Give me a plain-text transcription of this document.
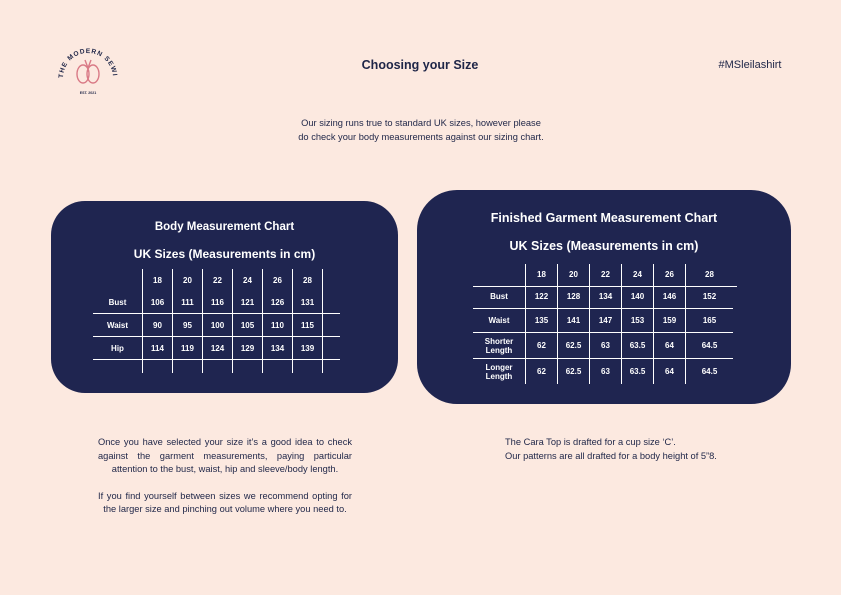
THE MODERN SEWI
EST. 2021
Choosing your Size	#MSleilashirt
Our sizing runs true to standard UK sizes, however please
do check your body measurements against our sizing chart.
Body Measurement Chart
UK Sizes (Measurements in cm)
	18	20	22	24	26	28	
Bust	106	111	116	121	126	131	
Waist	90	95	100	105	110	115	
Hip	114	119	124	129	134	139	

Finished Garment Measurement Chart
UK Sizes (Measurements in cm)
	18	20	22	24	26	28
Bust	122	128	134	140	146	152
Waist	135	141	147	153	159	165

Shorter
Length	62	62.5	63	63.5	64	64.5

Longer
Length	62	62.5	63	63.5	64	64.5

Once you have selected your size it’s a good idea to check against the garment measurements, paying particular attention to the bust, waist, hip and sleeve/body length.

If you find yourself between sizes we recommend opting for the larger size and pinching out volume where you need to.

The Cara Top is drafted for a cup size ‘C’.

Our patterns are all drafted for a body height of 5”8.
